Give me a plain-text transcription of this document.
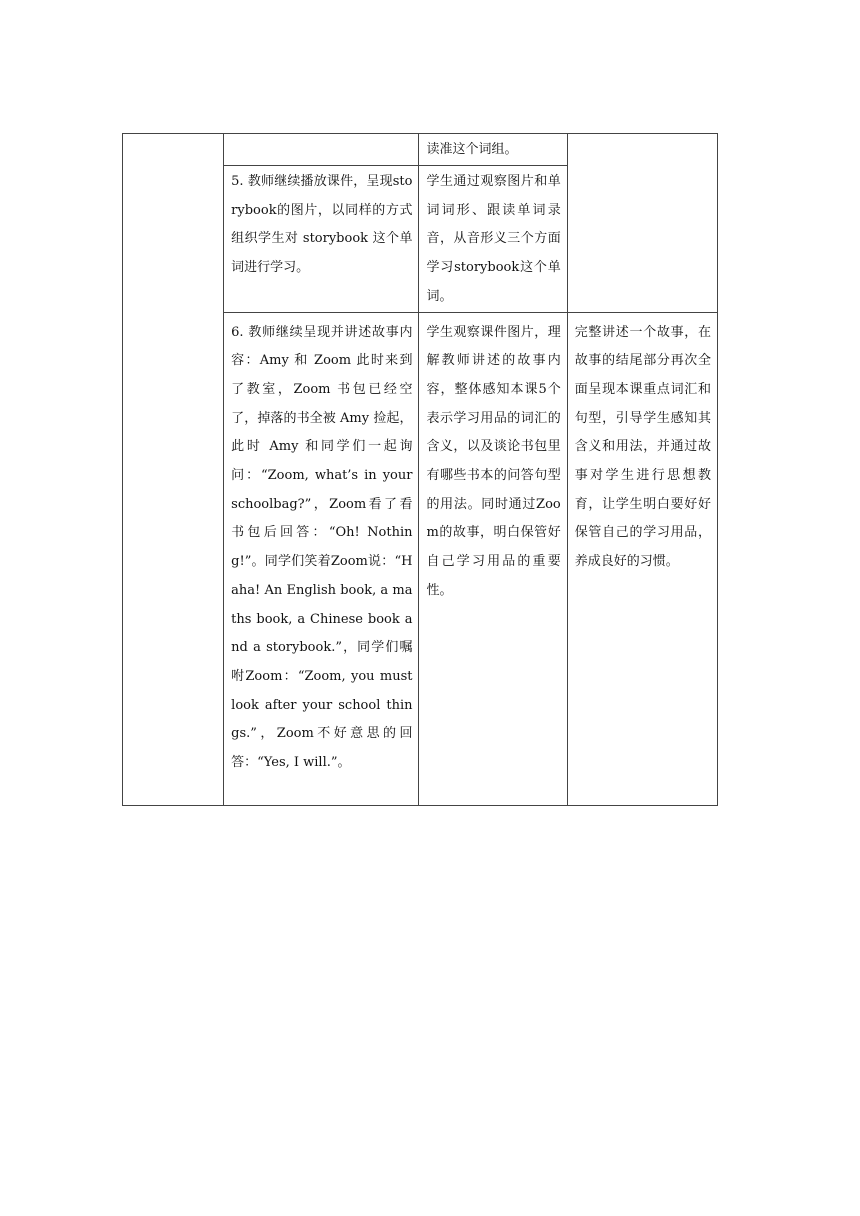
		读准这个词组。	

	5. 教师继续播放课件，呈现storybook的图片，以同样的方式组织学生对 storybook 这个单词进行学习。	学生通过观察图片和单词词形、跟读单词录音，从音形义三个方面学习storybook这个单词。	

	6. 教师继续呈现并讲述故事内容：Amy 和 Zoom 此时来到了教室，Zoom 书包已经空了，掉落的书全被 Amy 捡起，此时 Amy 和同学们一起询问：“Zoom, what’s in your schoolbag?”，Zoom看了看书包后回答：“Oh! Nothing!”。同学们笑着Zoom说：“Haha! An English book, a maths book, a Chinese book and a storybook.”，同学们嘱咐Zoom：“Zoom, you must look after your school things.”，Zoom不好意思的回答：“Yes, I will.”。	学生观察课件图片，理解教师讲述的故事内容，整体感知本课5个表示学习用品的词汇的含义，以及谈论书包里有哪些书本的问答句型的用法。同时通过Zoom的故事，明白保管好自己学习用品的重要性。	完整讲述一个故事，在故事的结尾部分再次全面呈现本课重点词汇和句型，引导学生感知其含义和用法，并通过故事对学生进行思想教育，让学生明白要好好保管自己的学习用品，养成良好的习惯。
